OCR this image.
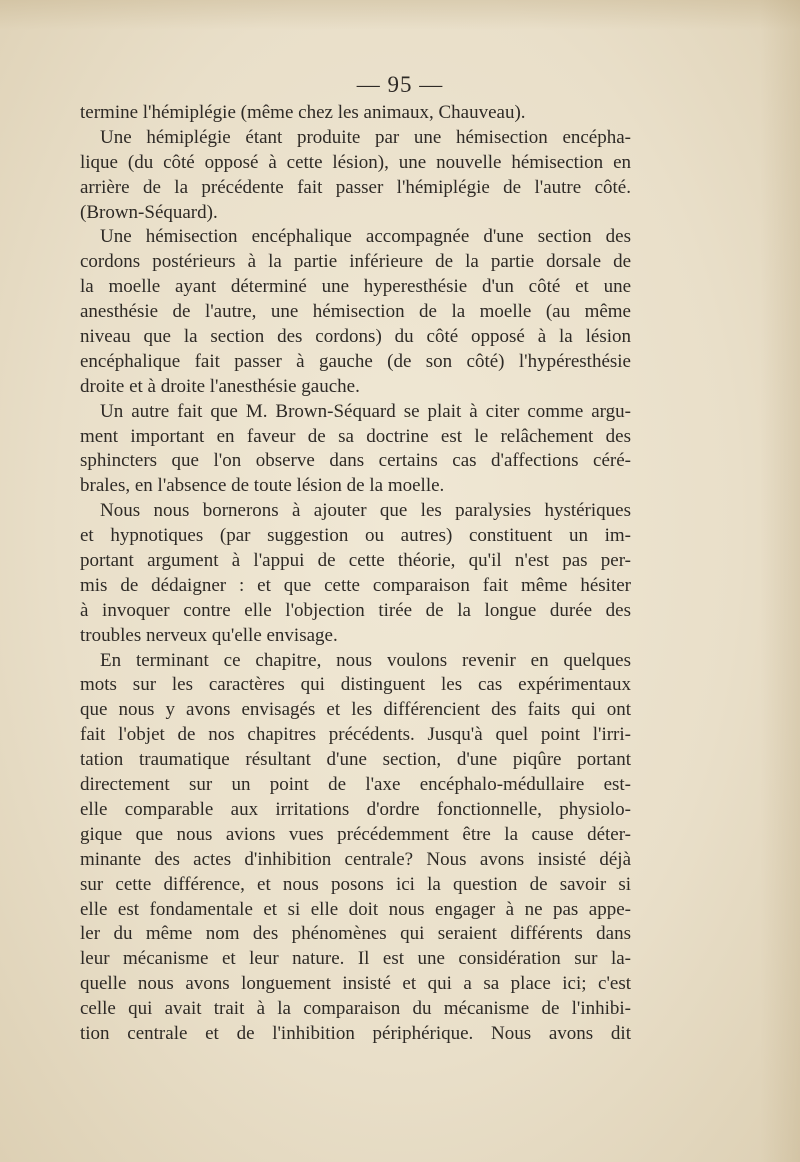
— 95 —
termine l'hémiplégie (même chez les animaux, Chauveau).
Une hémiplégie étant produite par une hémisection encépha-
lique (du côté opposé à cette lésion), une nouvelle hémisection en
arrière de la précédente fait passer l'hémiplégie de l'autre côté.
(Brown-Séquard).
Une hémisection encéphalique accompagnée d'une section des
cordons postérieurs à la partie inférieure de la partie dorsale de
la moelle ayant déterminé une hyperesthésie d'un côté et une
anesthésie de l'autre, une hémisection de la moelle (au même
niveau que la section des cordons) du côté opposé à la lésion
encéphalique fait passer à gauche (de son côté) l'hypéresthésie
droite et à droite l'anesthésie gauche.
Un autre fait que M. Brown-Séquard se plait à citer comme argu-
ment important en faveur de sa doctrine est le relâchement des
sphincters que l'on observe dans certains cas d'affections céré-
brales, en l'absence de toute lésion de la moelle.
Nous nous bornerons à ajouter que les paralysies hystériques
et hypnotiques (par suggestion ou autres) constituent un im-
portant argument à l'appui de cette théorie, qu'il n'est pas per-
mis de dédaigner : et que cette comparaison fait même hésiter
à invoquer contre elle l'objection tirée de la longue durée des
troubles nerveux qu'elle envisage.
En terminant ce chapitre, nous voulons revenir en quelques
mots sur les caractères qui distinguent les cas expérimentaux
que nous y avons envisagés et les différencient des faits qui ont
fait l'objet de nos chapitres précédents. Jusqu'à quel point l'irri-
tation traumatique résultant d'une section, d'une piqûre portant
directement sur un point de l'axe encéphalo-médullaire est-
elle comparable aux irritations d'ordre fonctionnelle, physiolo-
gique que nous avions vues précédemment être la cause déter-
minante des actes d'inhibition centrale? Nous avons insisté déjà
sur cette différence, et nous posons ici la question de savoir si
elle est fondamentale et si elle doit nous engager à ne pas appe-
ler du même nom des phénomènes qui seraient différents dans
leur mécanisme et leur nature. Il est une considération sur la-
quelle nous avons longuement insisté et qui a sa place ici; c'est
celle qui avait trait à la comparaison du mécanisme de l'inhibi-
tion centrale et de l'inhibition périphérique. Nous avons dit
